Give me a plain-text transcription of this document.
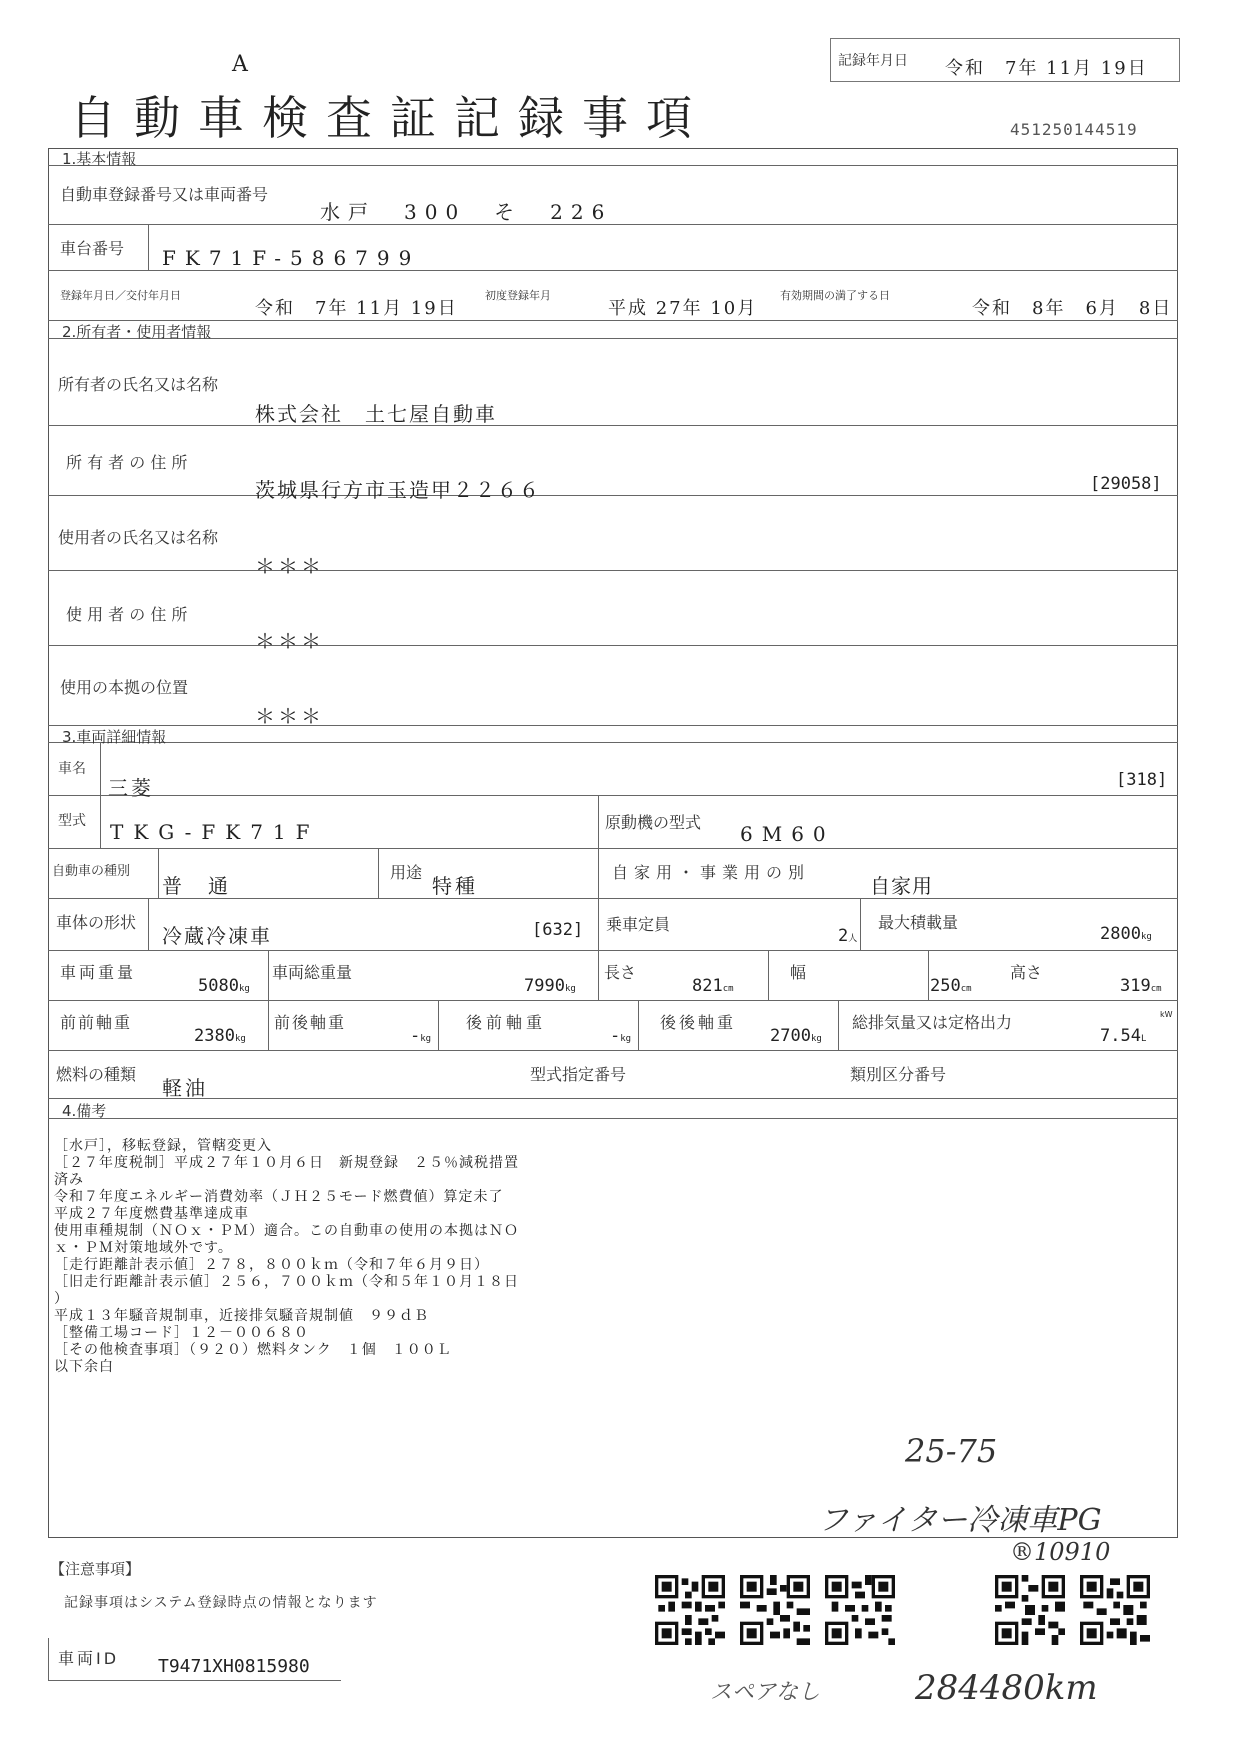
A
自動車検査証記録事項
記録年月日 令和　7年 11月 19日
451250144519
1.基本情報
自動車登録番号又は車両番号
水戸　300　そ　226
車台番号 FK71F-586799
登録年月日／交付年月日
令和　7年 11月 19日
初度登録年月
平成 27年 10月
有効期間の満了する日
令和　8年　6月　8日
2.所有者・使用者情報
所有者の氏名又は名称
株式会社　土七屋自動車
所 有 者 の 住 所
茨城県行方市玉造甲２２６６	[29058]
使用者の氏名又は名称
＊＊＊
使 用 者 の 住 所
＊＊＊
使用の本拠の位置
＊＊＊
3.車両詳細情報
車名
三菱	[318]
型式 TKG-FK71F	原動機の型式 6M60
自動車の種別
普　通
用途
特種
自家用・事業用の別
自家用
車体の形状
冷蔵冷凍車	[632] 乗車定員
2人
最大積載量
2800kg
車両重量
5080kg
車両総重量
7990kg
長さ
821cm
幅
250cm
高さ
319cm
前前軸重
2380kg
前後軸重
-kg
後前軸重
-kg
後後軸重
2700kg
総排気量又は定格出力	kW
7.54L
燃料の種類
軽油
型式指定番号	類別区分番号
4.備考
［水戸］，移転登録，管轄変更入
［２７年度税制］平成２７年１０月６日　新規登録　２５％減税措置
済み
令和７年度エネルギー消費効率（ＪＨ２５モード燃費値）算定未了
平成２７年度燃費基準達成車
使用車種規制（ＮＯｘ・ＰＭ）適合。この自動車の使用の本拠はＮＯ
ｘ・ＰＭ対策地域外です。
［走行距離計表示値］２７８，８００ｋｍ（令和７年６月９日）
［旧走行距離計表示値］２５６，７００ｋｍ（令和５年１０月１８日
）
平成１３年騒音規制車，近接排気騒音規制値　９９ｄＢ
［整備工場コード］１２－００６８０
［その他検査事項］（９２０）燃料タンク　１個　１００Ｌ
以下余白
25-75
ファイター冷凍車PG
®10910
スペアなし	284480km
【注意事項】
記録事項はシステム登録時点の情報となります
車両ID T9471XH0815980
